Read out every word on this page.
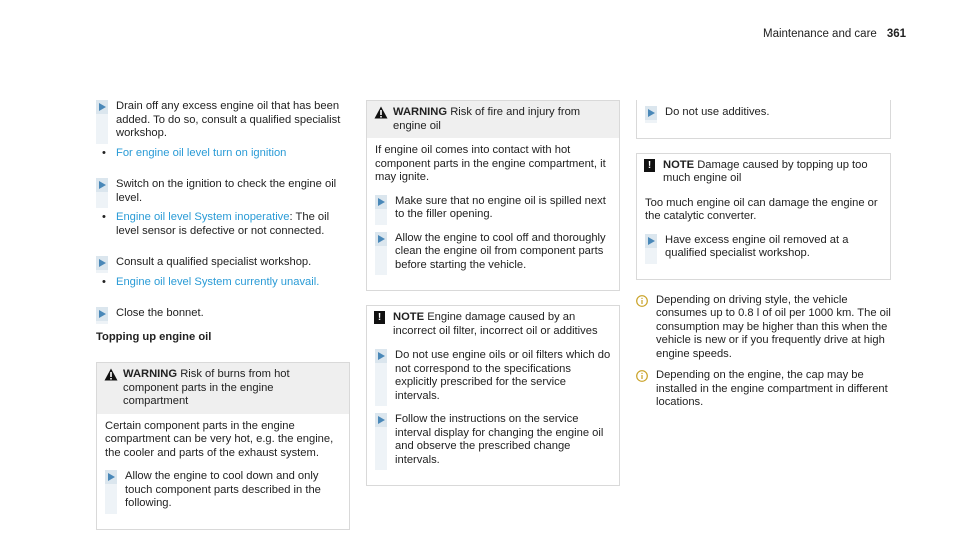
Maintenance and care 361
Drain off any excess engine oil that has been added. To do so, consult a qualified specialist workshop.
• For engine oil level turn on ignition
Switch on the ignition to check the engine oil level.
• Engine oil level System inoperative: The oil level sensor is defective or not connected.
Consult a qualified specialist workshop.
• Engine oil level System currently unavail.
Close the bonnet.
Topping up engine oil
WARNING Risk of burns from hot component parts in the engine compartment

Certain component parts in the engine compartment can be very hot, e.g. the engine, the cooler and parts of the exhaust system.

Allow the engine to cool down and only touch component parts described in the following.
WARNING Risk of fire and injury from engine oil

If engine oil comes into contact with hot component parts in the engine compartment, it may ignite.

Make sure that no engine oil is spilled next to the filler opening.
Allow the engine to cool off and thoroughly clean the engine oil from component parts before starting the vehicle.
!	NOTE Engine damage caused by an incorrect oil filter, incorrect oil or additives
Do not use engine oils or oil filters which do not correspond to the specifications explicitly prescribed for the service intervals.
Follow the instructions on the service interval display for changing the engine oil and observe the prescribed change intervals.
Do not use additives.
!	NOTE Damage caused by topping up too much engine oil

Too much engine oil can damage the engine or the catalytic converter.

Have excess engine oil removed at a qualified specialist workshop.
Depending on driving style, the vehicle consumes up to 0.8 l of oil per 1000 km. The oil consumption may be higher than this when the vehicle is new or if you frequently drive at high engine speeds.
Depending on the engine, the cap may be installed in the engine compartment in different locations.
